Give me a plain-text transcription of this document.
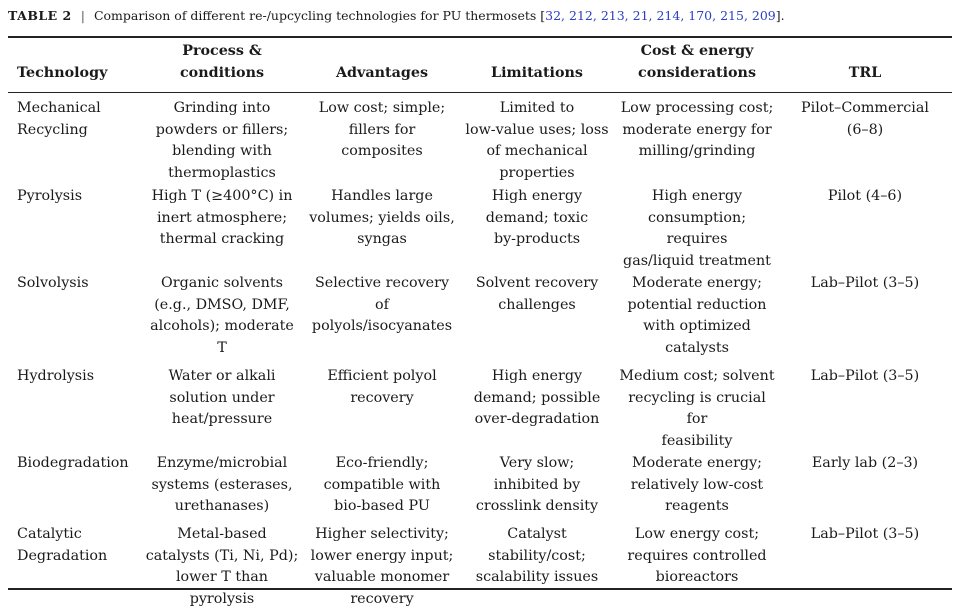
TABLE 2 | Comparison of different re-/upcycling technologies for PU thermosets [32, 212, 213, 21, 214, 170, 215, 209].
Technology	Process &
conditions	Advantages	Limitations	Cost & energy
considerations	TRL

Mechanical
Recycling	Grinding into
powders or fillers;
blending with
thermoplastics	Low cost; simple;
fillers for composites	Limited to
low-value uses; loss
of mechanical
properties	Low processing cost;
moderate energy for
milling/grinding	Pilot–Commercial
(6–8)

Pyrolysis	High T (≥400°C) in
inert atmosphere;
thermal cracking	Handles large
volumes; yields oils,
syngas	High energy
demand; toxic
by-products	High energy
consumption; requires
gas/liquid treatment	Pilot (4–6)

Solvolysis	Organic solvents
(e.g., DMSO, DMF,
alcohols); moderate
T	Selective recovery of
polyols/isocyanates	Solvent recovery
challenges	Moderate energy;
potential reduction
with optimized
catalysts	Lab–Pilot (3–5)

Hydrolysis	Water or alkali
solution under
heat/pressure	Efficient polyol
recovery	High energy
demand; possible
over-degradation	Medium cost; solvent
recycling is crucial for
feasibility	Lab–Pilot (3–5)

Biodegradation	Enzyme/microbial
systems (esterases,
urethanases)	Eco-friendly;
compatible with
bio-based PU	Very slow;
inhibited by
crosslink density	Moderate energy;
relatively low-cost
reagents	Early lab (2–3)

Catalytic
Degradation	Metal-based
catalysts (Ti, Ni, Pd);
lower T than
pyrolysis	Higher selectivity;
lower energy input;
valuable monomer
recovery	Catalyst
stability/cost;
scalability issues	Low energy cost;
requires controlled
bioreactors	Lab–Pilot (3–5)
